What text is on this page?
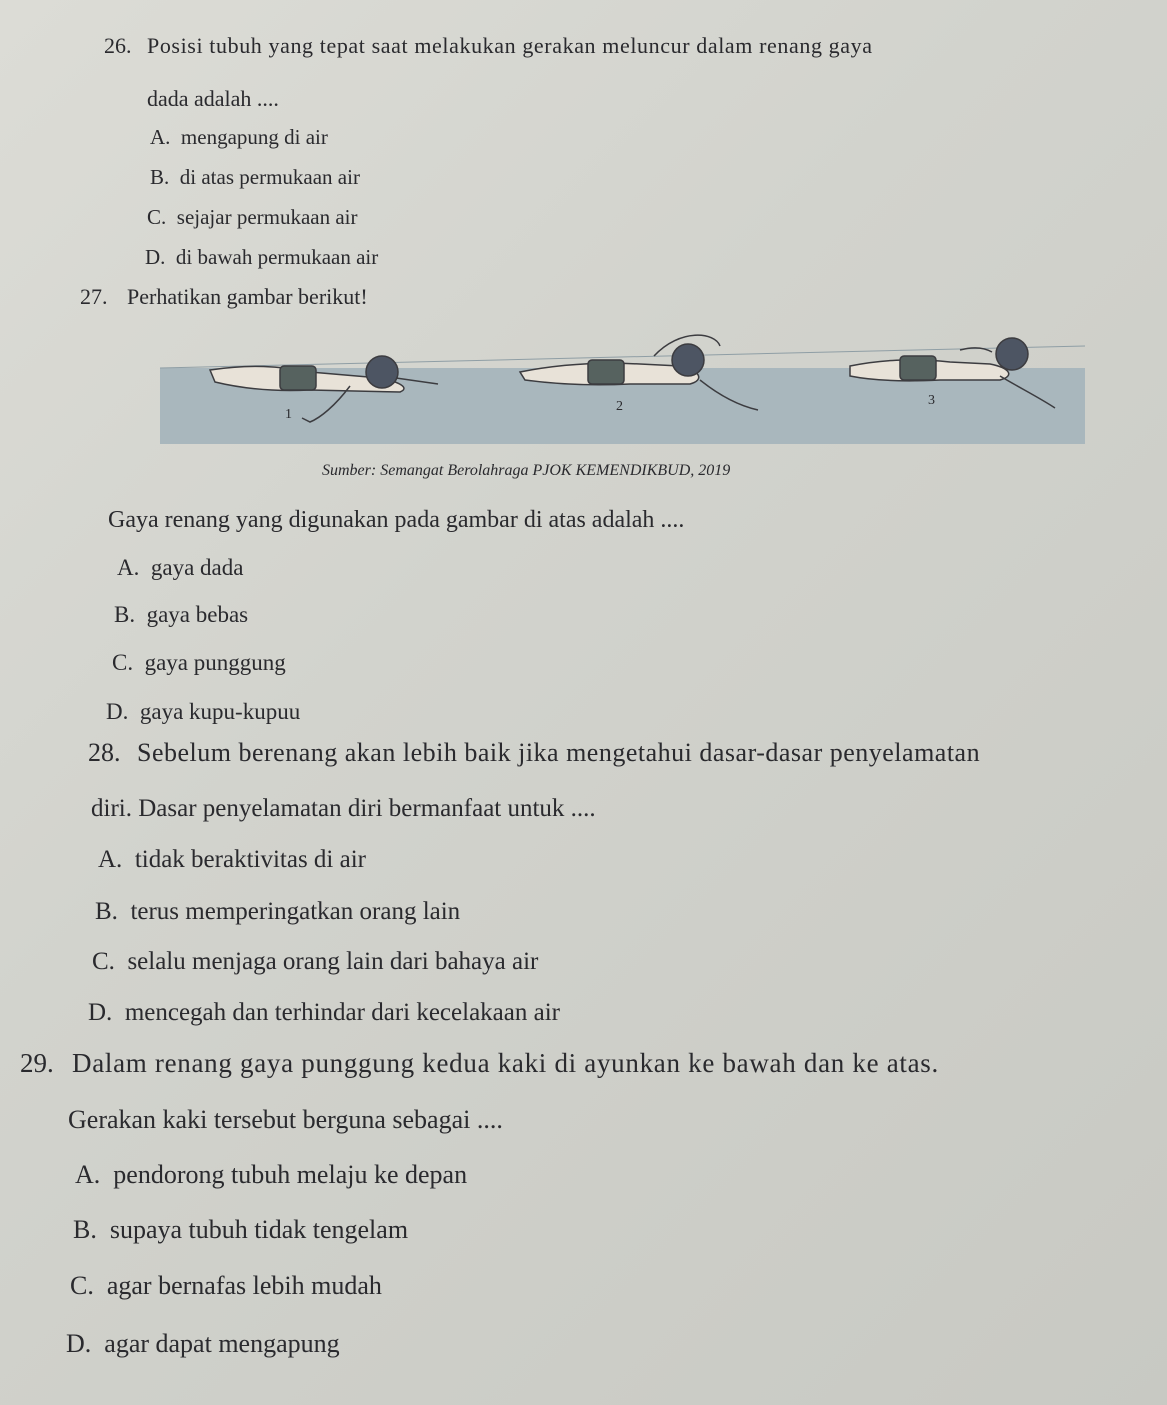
26. Posisi tubuh yang tepat saat melakukan gerakan meluncur dalam renang gaya
dada adalah ....
A. mengapung di air
B. di atas permukaan air
C. sejajar permukaan air
D. di bawah permukaan air
27. Perhatikan gambar berikut!
1
2	3
Sumber: Semangat Berolahraga PJOK KEMENDIKBUD, 2019
Gaya renang yang digunakan pada gambar di atas adalah ....
A. gaya dada
B. gaya bebas
C. gaya punggung
D. gaya kupu-kupuu
28. Sebelum berenang akan lebih baik jika mengetahui dasar-dasar penyelamatan
diri. Dasar penyelamatan diri bermanfaat untuk ....
A. tidak beraktivitas di air
B. terus memperingatkan orang lain
C. selalu menjaga orang lain dari bahaya air
D. mencegah dan terhindar dari kecelakaan air
29. Dalam renang gaya punggung kedua kaki di ayunkan ke bawah dan ke atas.
Gerakan kaki tersebut berguna sebagai ....
A. pendorong tubuh melaju ke depan
B. supaya tubuh tidak tengelam
C. agar bernafas lebih mudah
D. agar dapat mengapung
